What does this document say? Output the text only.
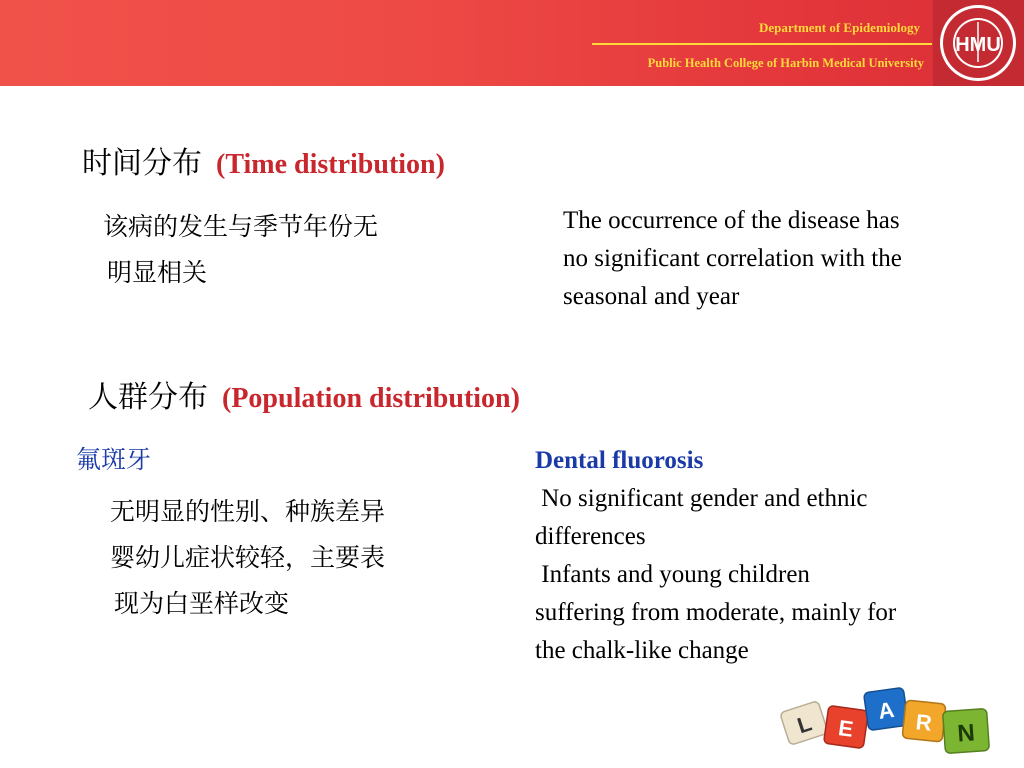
Department of Epidemiology
Public Health College of Harbin Medical University
HMU
时间分布 (Time distribution)
该病的发生与季节年份无
明显相关
The occurrence of the disease has
no significant correlation with the
seasonal and year
人群分布 (Population distribution)
氟斑牙
无明显的性别、种族差异
婴幼儿症状较轻，主要表
现为白垩样改变
Dental fluorosis
No significant gender and ethnic
differences
Infants and young children
suffering from moderate, mainly for
the chalk-like change
L E
A R N
